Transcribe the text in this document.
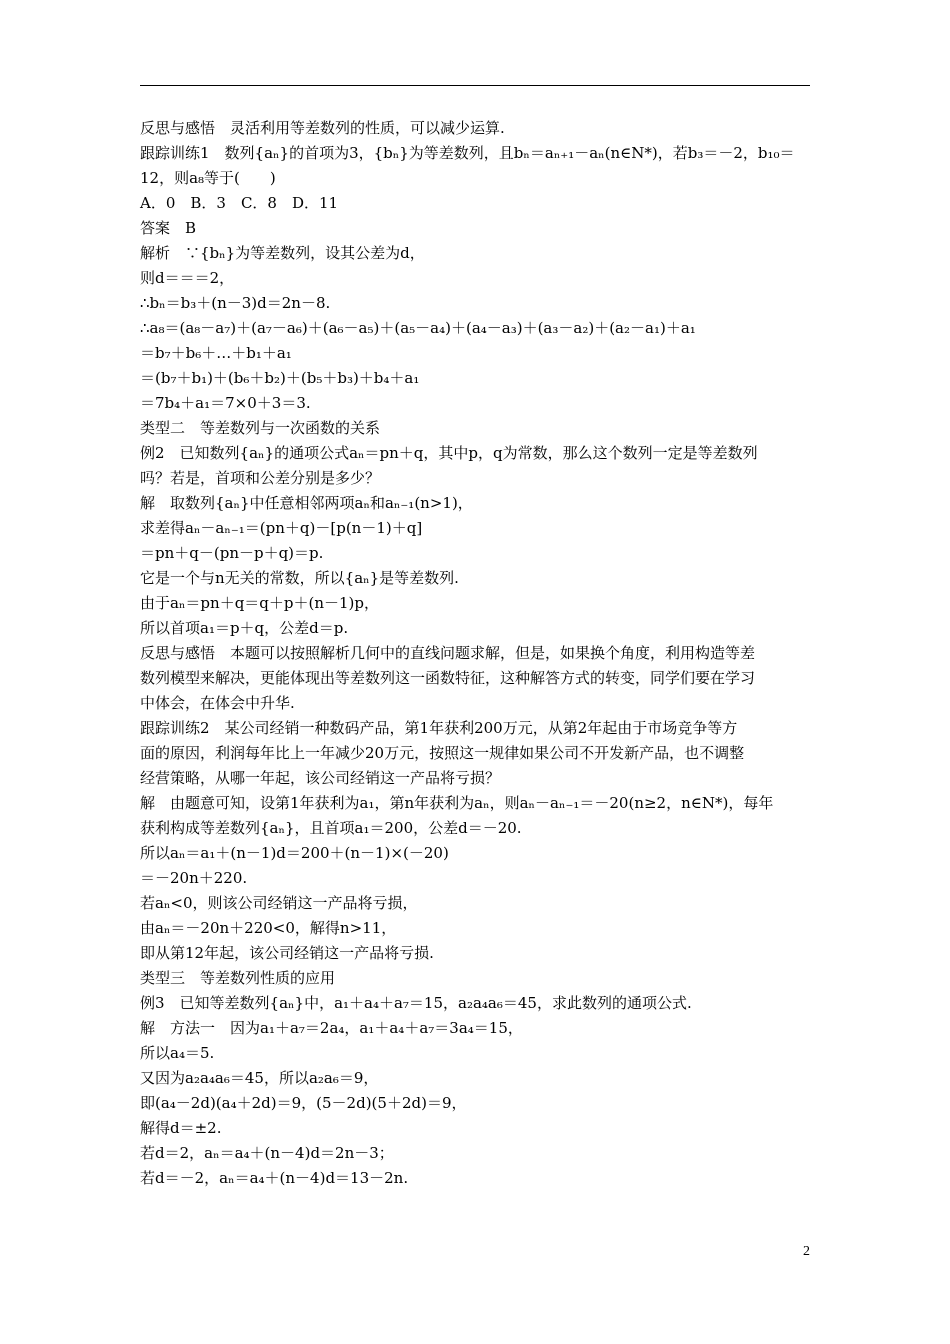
反思与感悟　灵活利用等差数列的性质，可以减少运算.
跟踪训练1　数列{aₙ}的首项为3，{bₙ}为等差数列，且bₙ＝aₙ₊₁－aₙ(n∈N*)，若b₃＝－2，b₁₀＝
12，则a₈等于(　　)
A．0　B．3　C．8　D．11
答案　B
解析　∵{bₙ}为等差数列，设其公差为d，
则d＝＝＝2，
∴bₙ＝b₃＋(n－3)d＝2n－8.
∴a₈＝(a₈－a₇)＋(a₇－a₆)＋(a₆－a₅)＋(a₅－a₄)＋(a₄－a₃)＋(a₃－a₂)＋(a₂－a₁)＋a₁
＝b₇＋b₆＋…＋b₁＋a₁
＝(b₇＋b₁)＋(b₆＋b₂)＋(b₅＋b₃)＋b₄＋a₁
＝7b₄＋a₁＝7×0＋3＝3.
类型二　等差数列与一次函数的关系
例2　已知数列{aₙ}的通项公式aₙ＝pn＋q，其中p，q为常数，那么这个数列一定是等差数列
吗？若是，首项和公差分别是多少？
解　取数列{aₙ}中任意相邻两项aₙ和aₙ₋₁(n>1)，
求差得aₙ－aₙ₋₁＝(pn＋q)－[p(n－1)＋q]
＝pn＋q－(pn－p＋q)＝p.
它是一个与n无关的常数，所以{aₙ}是等差数列.
由于aₙ＝pn＋q＝q＋p＋(n－1)p，
所以首项a₁＝p＋q，公差d＝p.
反思与感悟　本题可以按照解析几何中的直线问题求解，但是，如果换个角度，利用构造等差
数列模型来解决，更能体现出等差数列这一函数特征，这种解答方式的转变，同学们要在学习
中体会，在体会中升华.
跟踪训练2　某公司经销一种数码产品，第1年获利200万元，从第2年起由于市场竞争等方
面的原因，利润每年比上一年减少20万元，按照这一规律如果公司不开发新产品，也不调整
经营策略，从哪一年起，该公司经销这一产品将亏损？
解　由题意可知，设第1年获利为a₁，第n年获利为aₙ，则aₙ－aₙ₋₁＝－20(n≥2，n∈N*)，每年
获利构成等差数列{aₙ}，且首项a₁＝200，公差d＝－20.
所以aₙ＝a₁＋(n－1)d＝200＋(n－1)×(－20)
＝－20n＋220.
若aₙ<0，则该公司经销这一产品将亏损，
由aₙ＝－20n＋220<0，解得n>11，
即从第12年起，该公司经销这一产品将亏损.
类型三　等差数列性质的应用
例3　已知等差数列{aₙ}中，a₁＋a₄＋a₇＝15，a₂a₄a₆＝45，求此数列的通项公式.
解　方法一　因为a₁＋a₇＝2a₄，a₁＋a₄＋a₇＝3a₄＝15，
所以a₄＝5.
又因为a₂a₄a₆＝45，所以a₂a₆＝9，
即(a₄－2d)(a₄＋2d)＝9，(5－2d)(5＋2d)＝9，
解得d＝±2.
若d＝2，aₙ＝a₄＋(n－4)d＝2n－3；
若d＝－2，aₙ＝a₄＋(n－4)d＝13－2n.
2
